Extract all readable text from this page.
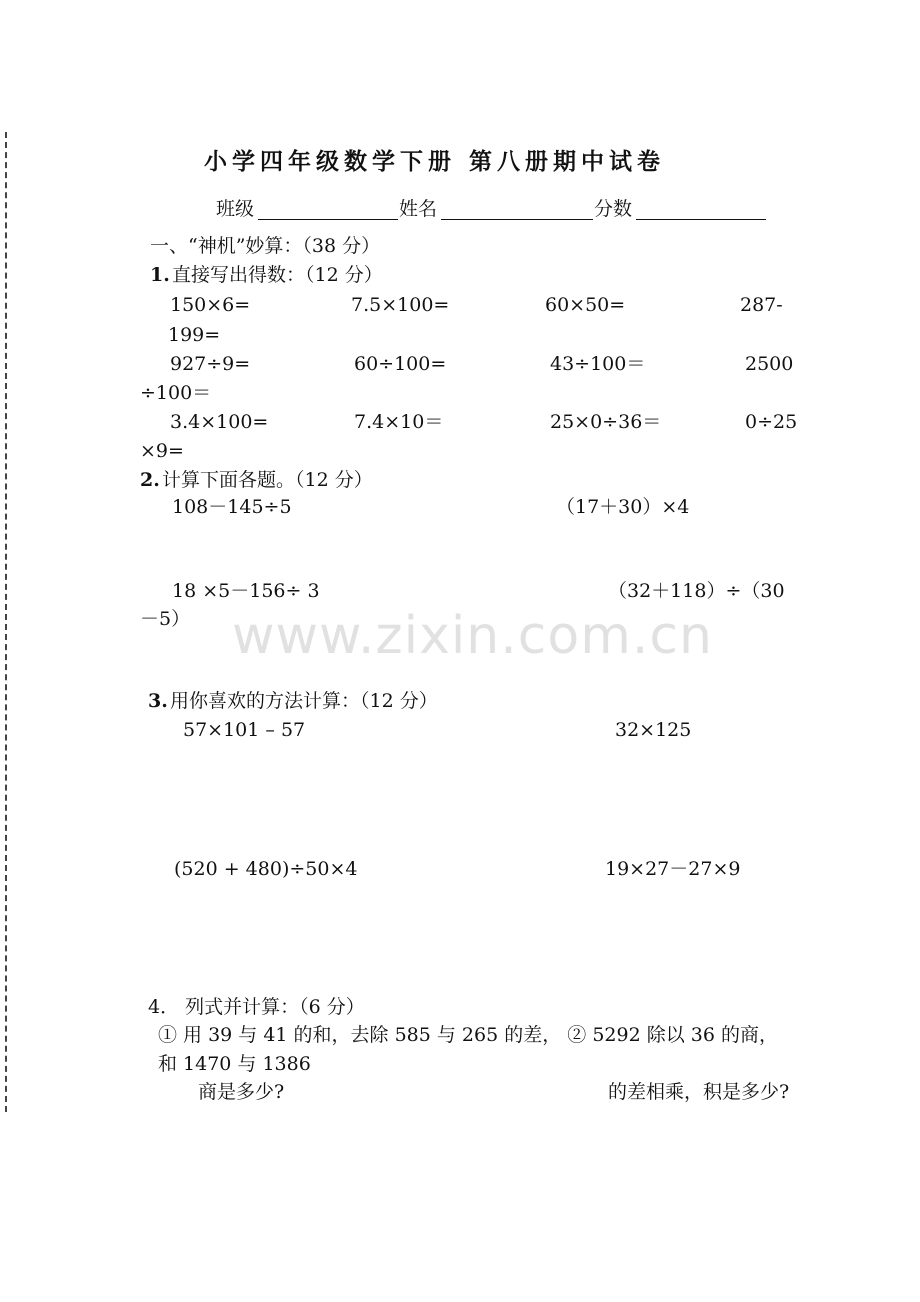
小学四年级数学下册 第八册期中试卷
班级	姓名	分数
一、“神机”妙算：（38 分）
1. 直接写出得数：（12 分）
150×6=	7.5×100=	60×50=	287-
199=
927÷9=	60÷100=	43÷100＝	2500
÷100＝
3.4×100=	7.4×10＝	25×0÷36＝	0÷25
×9=
2. 计算下面各题。（12 分）
108－145÷5	（17＋30）×4
18 ×5－156÷ 3	（32＋118）÷（30
－5）
3. 用你喜欢的方法计算：（12 分）
57×101 – 57	32×125
(520 + 480)÷50×4	19×27－27×9
4． 列式并计算：（6 分）
① 用 39 与 41 的和，去除 585 与 265 的差， ② 5292 除以 36 的商，
和 1470 与 1386
商是多少?	的差相乘，积是多少?
www.zixin.com.cn
